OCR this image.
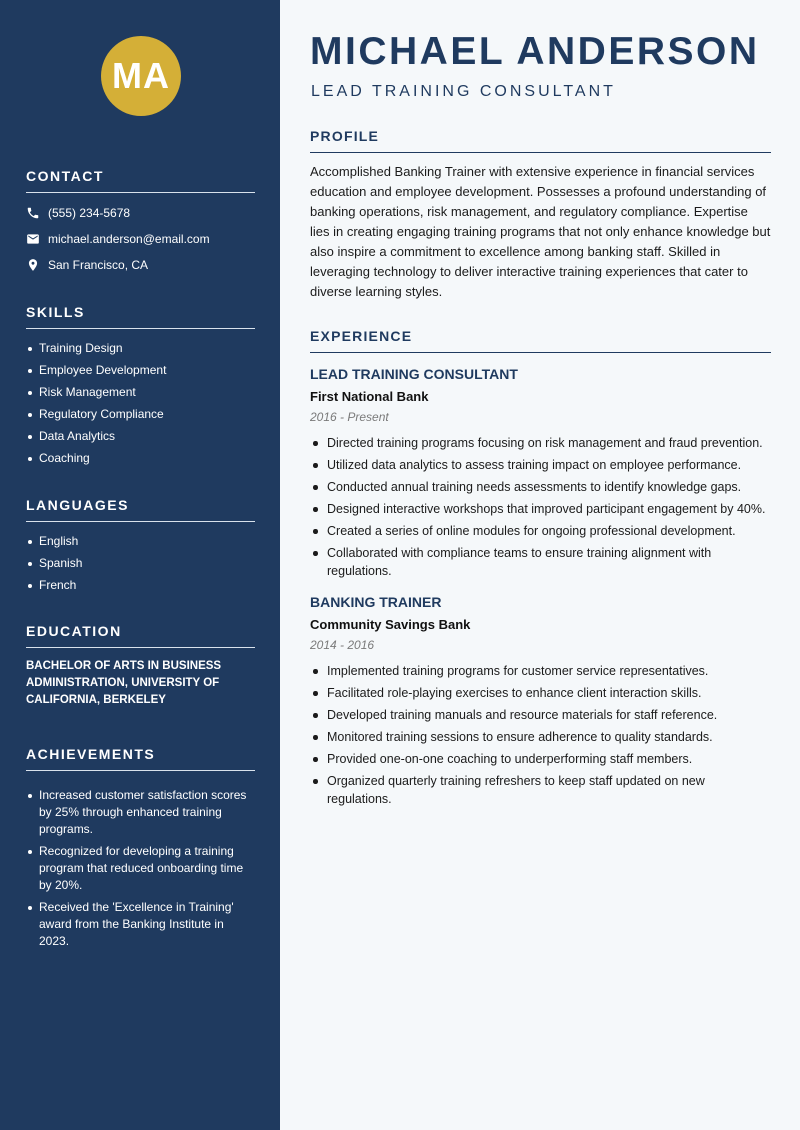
MA
CONTACT
(555) 234-5678
michael.anderson@email.com
San Francisco, CA
SKILLS
Training Design
Employee Development
Risk Management
Regulatory Compliance
Data Analytics
Coaching
LANGUAGES
English
Spanish
French
EDUCATION
BACHELOR OF ARTS IN BUSINESS ADMINISTRATION, UNIVERSITY OF CALIFORNIA, BERKELEY
ACHIEVEMENTS
Increased customer satisfaction scores by 25% through enhanced training programs.
Recognized for developing a training program that reduced onboarding time by 20%.
Received the 'Excellence in Training' award from the Banking Institute in 2023.
MICHAEL ANDERSON
LEAD TRAINING CONSULTANT
PROFILE

Accomplished Banking Trainer with extensive experience in financial services education and employee development. Possesses a profound understanding of banking operations, risk management, and regulatory compliance. Expertise lies in creating engaging training programs that not only enhance knowledge but also inspire a commitment to excellence among banking staff. Skilled in leveraging technology to deliver interactive training experiences that cater to diverse learning styles.

EXPERIENCE
LEAD TRAINING CONSULTANT
First National Bank
2016 - Present
Directed training programs focusing on risk management and fraud prevention.
Utilized data analytics to assess training impact on employee performance.
Conducted annual training needs assessments to identify knowledge gaps.
Designed interactive workshops that improved participant engagement by 40%.
Created a series of online modules for ongoing professional development.
Collaborated with compliance teams to ensure training alignment with regulations.
BANKING TRAINER
Community Savings Bank
2014 - 2016
Implemented training programs for customer service representatives.
Facilitated role-playing exercises to enhance client interaction skills.
Developed training manuals and resource materials for staff reference.
Monitored training sessions to ensure adherence to quality standards.
Provided one-on-one coaching to underperforming staff members.
Organized quarterly training refreshers to keep staff updated on new regulations.
